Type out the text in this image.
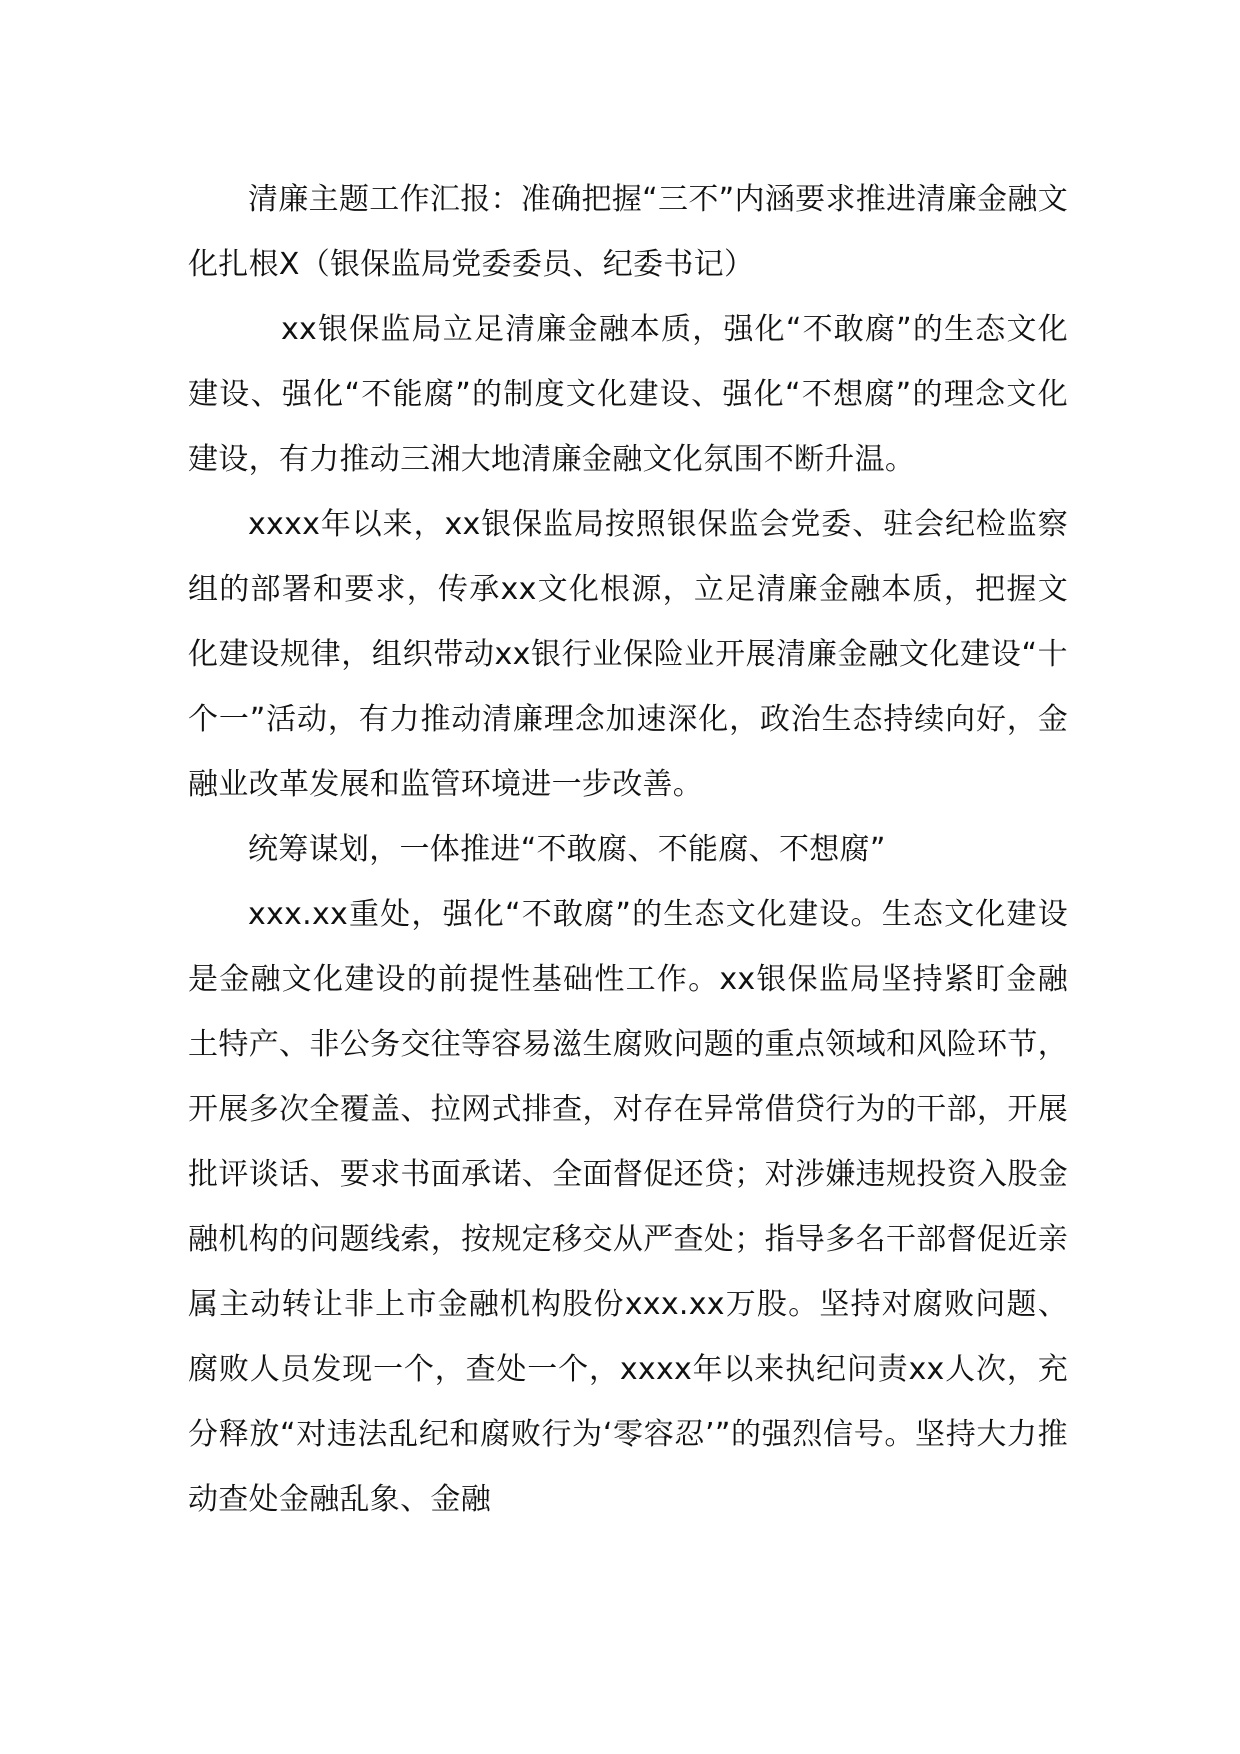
清廉主题工作汇报：准确把握“三不”内涵要求推进清廉金融文化扎根X（银保监局党委委员、纪委书记）

xx银保监局立足清廉金融本质，强化“不敢腐”的生态文化建设、强化“不能腐”的制度文化建设、强化“不想腐”的理念文化建设，有力推动三湘大地清廉金融文化氛围不断升温。

xxxx年以来，xx银保监局按照银保监会党委、驻会纪检监察组的部署和要求，传承xx文化根源，立足清廉金融本质，把握文化建设规律，组织带动xx银行业保险业开展清廉金融文化建设“十个一”活动，有力推动清廉理念加速深化，政治生态持续向好，金融业改革发展和监管环境进一步改善。

统筹谋划，一体推进“不敢腐、不能腐、不想腐”

xxx.xx重处，强化“不敢腐”的生态文化建设。生态文化建设是金融文化建设的前提性基础性工作。xx银保监局坚持紧盯金融土特产、非公务交往等容易滋生腐败问题的重点领域和风险环节，开展多次全覆盖、拉网式排查，对存在异常借贷行为的干部，开展批评谈话、要求书面承诺、全面督促还贷；对涉嫌违规投资入股金融机构的问题线索，按规定移交从严查处；指导多名干部督促近亲属主动转让非上市金融机构股份xxx.xx万股。坚持对腐败问题、腐败人员发现一个，查处一个，xxxx年以来执纪问责xx人次，充分释放“对违法乱纪和腐败行为‘零容忍’”的强烈信号。坚持大力推动查处金融乱象、金融
